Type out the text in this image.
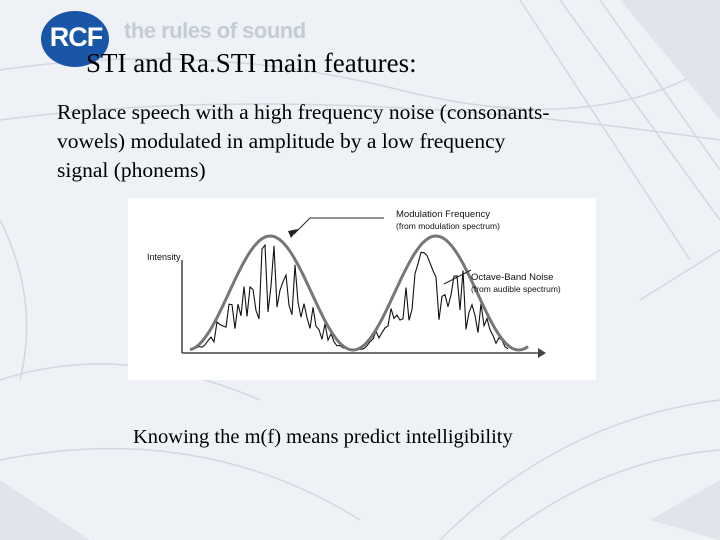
RCF the rules of sound
STI and Ra.STI main features:
Replace speech with a high frequency noise (consonants-
vowels) modulated in amplitude by a low frequency
signal (phonems)
Intensity
Modulation Frequency
(from modulation spectrum)
Octave-Band Noise
(from audible spectrum)
Knowing the m(f) means predict intelligibility
